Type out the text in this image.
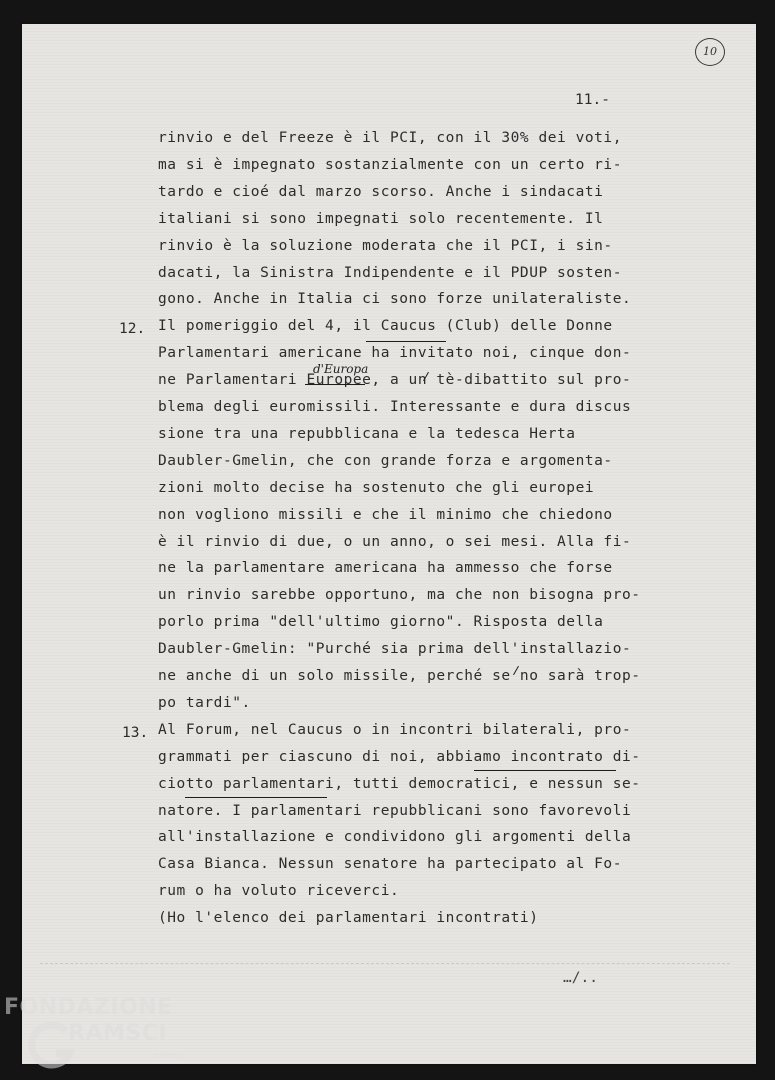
10
11.-
rinvio e del Freeze è il PCI, con il 30% dei voti,
ma si è impegnato sostanzialmente con un certo ri-
tardo e cioé dal marzo scorso. Anche i sindacati
italiani si sono impegnati solo recentemente. Il
rinvio è la soluzione moderata che il PCI, i sin-
dacati, la Sinistra Indipendente e il PDUP sosten-
gono. Anche in Italia ci sono forze unilateraliste.
Il pomeriggio del 4, il Caucus (Club) delle Donne
Parlamentari americane ha invitato noi, cinque don-
ne Parlamentari Europee, a un tè-dibattito sul pro-
blema degli euromissili. Interessante e dura discus
sione tra una repubblicana e la tedesca Herta
Daubler-Gmelin, che con grande forza e argomenta-
zioni molto decise ha sostenuto che gli europei
non vogliono missili e che il minimo che chiedono
è il rinvio di due, o un anno, o sei mesi. Alla fi-
ne la parlamentare americana ha ammesso che forse
un rinvio sarebbe opportuno, ma che non bisogna pro-
porlo prima "dell'ultimo giorno". Risposta della
Daubler-Gmelin: "Purché sia prima dell'installazio-
ne anche di un solo missile, perché se no sarà trop-
po tardi".
Al Forum, nel Caucus o in incontri bilaterali, pro-
grammati per ciascuno di noi, abbiamo incontrato di-
ciotto parlamentari, tutti democratici, e nessun se-
natore. I parlamentari repubblicani sono favorevoli
all'installazione e condividono gli argomenti della
Casa Bianca. Nessun senatore ha partecipato al Fo-
rum o ha voluto riceverci.
(Ho l'elenco dei parlamentari incontrati)
12.
13.
d'Europa
…/..
FONDAZIONE
RAMSCI
onlus
